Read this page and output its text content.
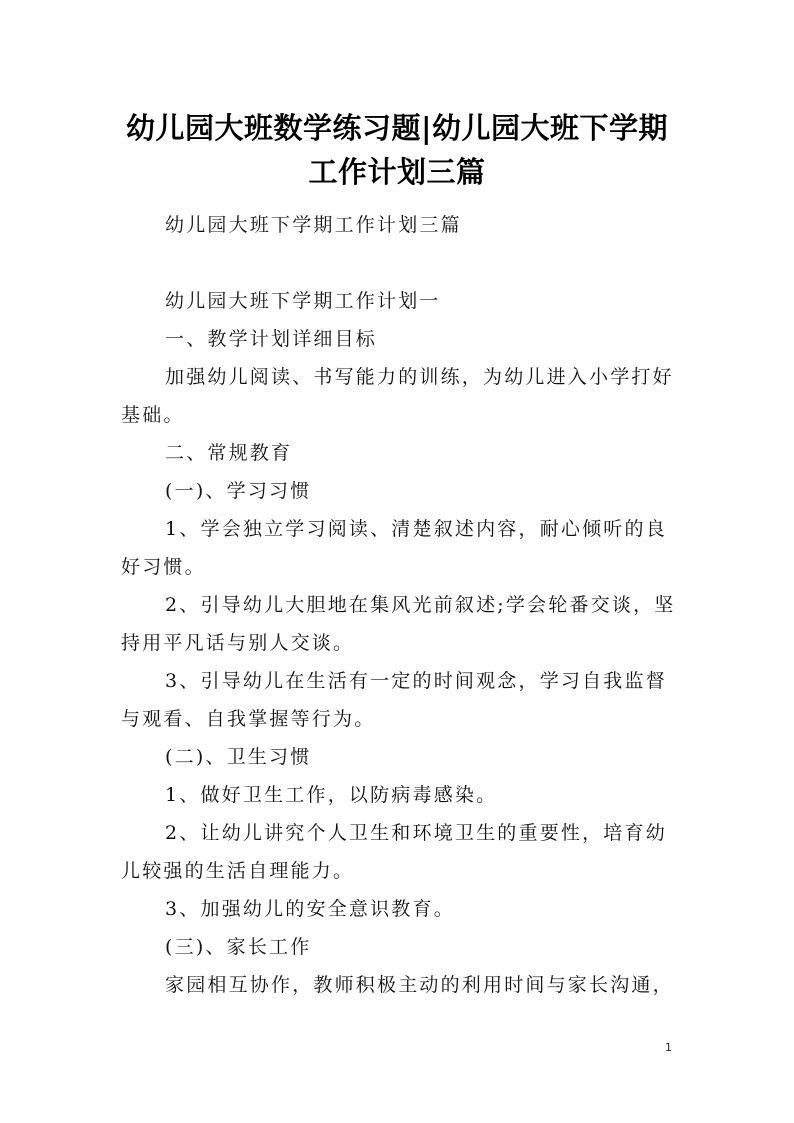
幼儿园大班数学练习题|幼儿园大班下学期
工作计划三篇

幼儿园大班下学期工作计划三篇

幼儿园大班下学期工作计划一

一、教学计划详细目标

加强幼儿阅读、书写能力的训练，为幼儿进入小学打好
基础。

二、常规教育

(一)、学习习惯

1、学会独立学习阅读、清楚叙述内容，耐心倾听的良
好习惯。

2、引导幼儿大胆地在集风光前叙述;学会轮番交谈，坚
持用平凡话与别人交谈。

3、引导幼儿在生活有一定的时间观念，学习自我监督
与观看、自我掌握等行为。

(二)、卫生习惯

1、做好卫生工作，以防病毒感染。

2、让幼儿讲究个人卫生和环境卫生的重要性，培育幼
儿较强的生活自理能力。

3、加强幼儿的安全意识教育。

(三)、家长工作

家园相互协作，教师积极主动的利用时间与家长沟通，

1
